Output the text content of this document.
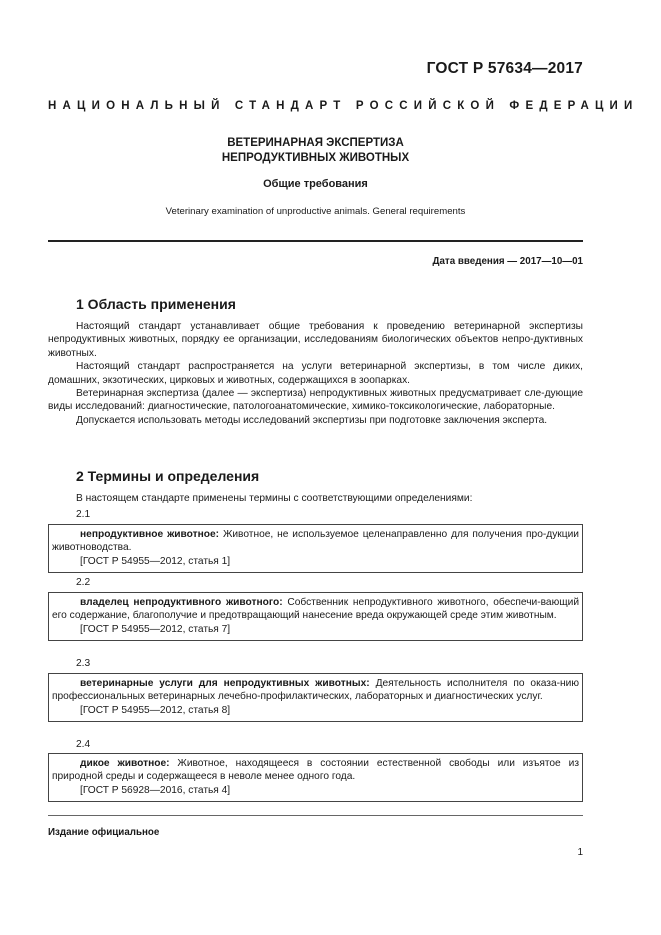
ГОСТ Р 57634—2017
НАЦИОНАЛЬНЫЙ СТАНДАРТ РОССИЙСКОЙ ФЕДЕРАЦИИ
ВЕТЕРИНАРНАЯ ЭКСПЕРТИЗА
НЕПРОДУКТИВНЫХ ЖИВОТНЫХ
Общие требования
Veterinary examination of unproductive animals. General requirements
Дата введения — 2017—10—01
1 Область применения

Настоящий стандарт устанавливает общие требования к проведению ветеринарной экспертизы непродуктивных животных, порядку ее организации, исследованиям биологических объектов непро-дуктивных животных.

Настоящий стандарт распространяется на услуги ветеринарной экспертизы, в том числе диких, домашних, экзотических, цирковых и животных, содержащихся в зоопарках.

Ветеринарная экспертиза (далее — экспертиза) непродуктивных животных предусматривает сле-дующие виды исследований: диагностические, патологоанатомические, химико-токсикологические, лабораторные.

Допускается использовать методы исследований экспертизы при подготовке заключения эксперта.

2 Термины и определения
В настоящем стандарте применены термины с соответствующими определениями:
2.1

непродуктивное животное: Животное, не используемое целенаправленно для получения про-дукции животноводства.

[ГОСТ Р 54955—2012, статья 1]

2.2

владелец непродуктивного животного: Собственник непродуктивного животного, обеспечи-вающий его содержание, благополучие и предотвращающий нанесение вреда окружающей среде этим животным.

[ГОСТ Р 54955—2012, статья 7]

2.3

ветеринарные услуги для непродуктивных животных: Деятельность исполнителя по оказа-нию профессиональных ветеринарных лечебно-профилактических, лабораторных и диагностических услуг.

[ГОСТ Р 54955—2012, статья 8]

2.4

дикое животное: Животное, находящееся в состоянии естественной свободы или изъятое из природной среды и содержащееся в неволе менее одного года.

[ГОСТ Р 56928—2016, статья 4]

Издание официальное
1
